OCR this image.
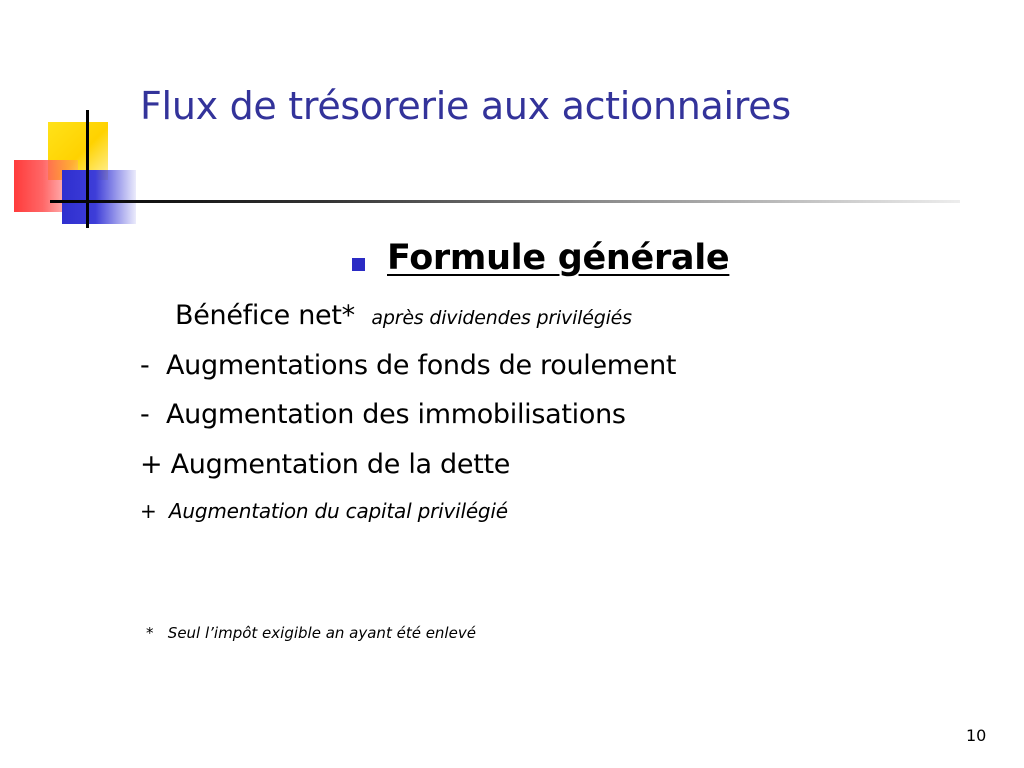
Flux de trésorerie aux actionnaires
Formule générale
Bénéfice net* après dividendes privilégiés
-  Augmentations de fonds de roulement
-  Augmentation des immobilisations
+ Augmentation de la dette
+  Augmentation du capital privilégié
*   Seul l’impôt exigible an ayant été enlevé
10
